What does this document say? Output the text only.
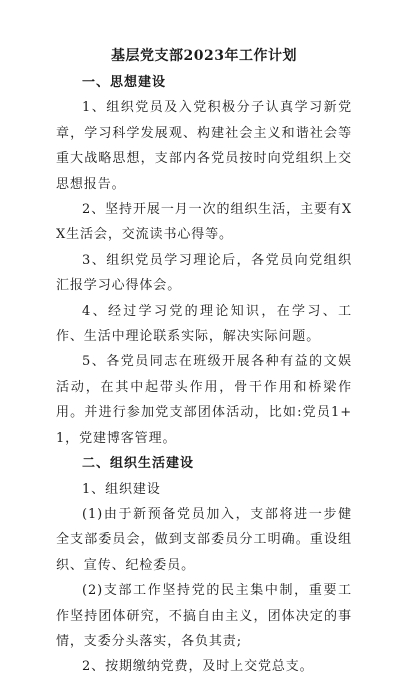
基层党支部2023年工作计划

一、思想建设

1、组织党员及入党积极分子认真学习新党章，学习科学发展观、构建社会主义和谐社会等重大战略思想，支部内各党员按时向党组织上交思想报告。

2、坚持开展一月一次的组织生活，主要有XX生活会，交流读书心得等。

3、组织党员学习理论后，各党员向党组织汇报学习心得体会。

4、经过学习党的理论知识，在学习、工作、生活中理论联系实际，解决实际问题。

5、各党员同志在班级开展各种有益的文娱活动，在其中起带头作用，骨干作用和桥梁作用。并进行参加党支部团体活动，比如:党员1+1，党建博客管理。

二、组织生活建设

1、组织建设

(1)由于新预备党员加入，支部将进一步健全支部委员会，做到支部委员分工明确。重设组织、宣传、纪检委员。

(2)支部工作坚持党的民主集中制，重要工作坚持团体研究，不搞自由主义，团体决定的事情，支委分头落实，各负其责;

2、按期缴纳党费，及时上交党总支。
